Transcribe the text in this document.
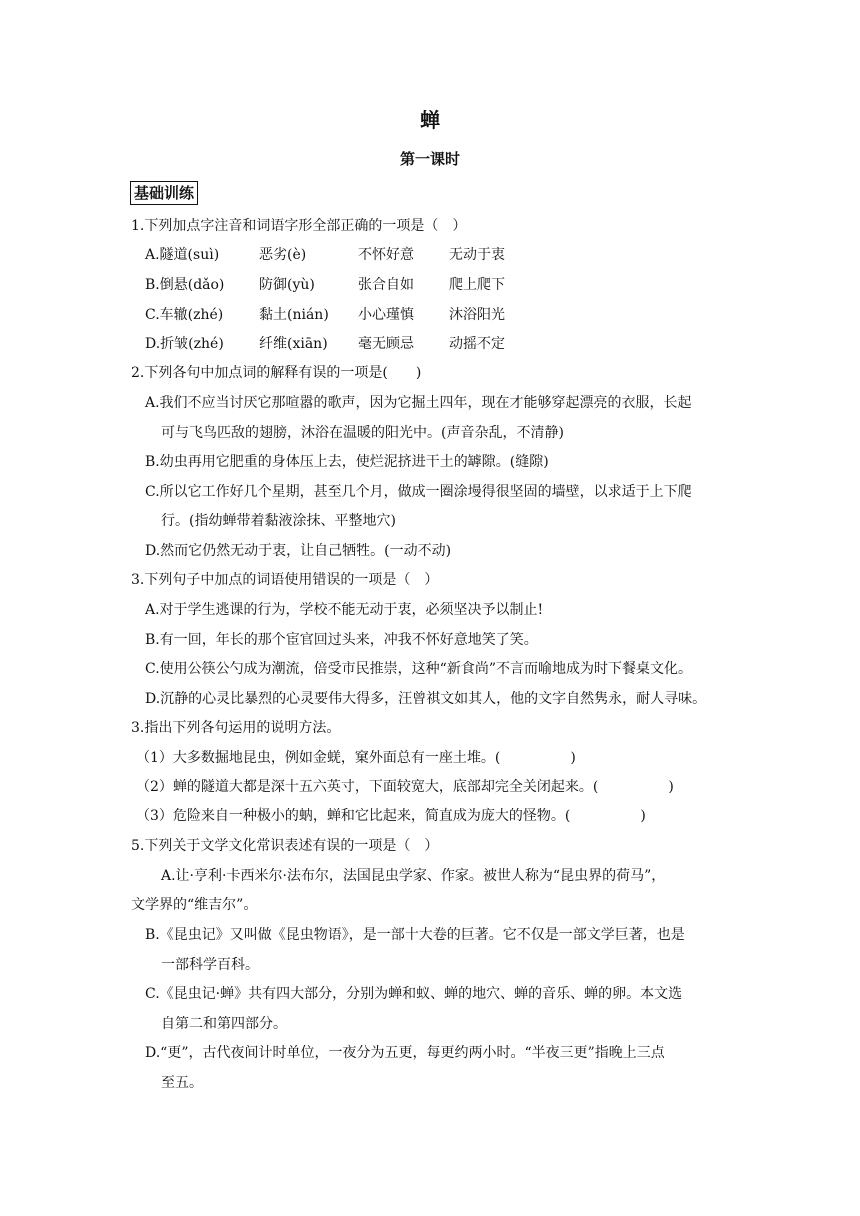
蝉
第一课时
基础训练
1.下列加点字注音和词语字形全部正确的一项是（　）
A.隧道(suì)	恶劣(è)	不怀好意	无动于衷
B.倒悬(dǎo) 防御(yù)	张合自如	爬上爬下
C.车辙(zhé)	黏土(nián) 小心瑾慎	沐浴阳光
D.折皱(zhé)	纤维(xiān) 毫无顾忌	动摇不定
2.下列各句中加点词的解释有误的一项是(　　)
A.我们不应当讨厌它那喧嚣的歌声，因为它掘土四年，现在才能够穿起漂亮的衣服，长起
可与飞鸟匹敌的翅膀，沐浴在温暖的阳光中。(声音杂乱，不清静)
B.幼虫再用它肥重的身体压上去，使烂泥挤进干土的罅隙。(缝隙)
C.所以它工作好几个星期，甚至几个月，做成一圈涂墁得很坚固的墙壁，以求适于上下爬
行。(指幼蝉带着黏液涂抹、平整地穴)
D.然而它仍然无动于衷，让自己牺牲。(一动不动)
3.下列句子中加点的词语使用错误的一项是（　）
A.对于学生逃课的行为，学校不能无动于衷，必须坚决予以制止!
B.有一回，年长的那个宦官回过头来，冲我不怀好意地笑了笑。
C.使用公筷公勺成为潮流，倍受市民推崇，这种“新食尚”不言而喻地成为时下餐桌文化。
D.沉静的心灵比暴烈的心灵要伟大得多，汪曾祺文如其人，他的文字自然隽永，耐人寻味。
3.指出下列各句运用的说明方法。
（1）大多数掘地昆虫，例如金蜣，窠外面总有一座土堆。(　　　　　)
（2）蝉的隧道大都是深十五六英寸，下面较宽大，底部却完全关闭起来。(　　　　　)
（3）危险来自一种极小的蚋，蝉和它比起来，简直成为庞大的怪物。(　　　　　)
5.下列关于文学文化常识表述有误的一项是（　）
A.让·亨利·卡西米尔·法布尔，法国昆虫学家、作家。被世人称为“昆虫界的荷马”，
文学界的“维吉尔”。
B.《昆虫记》又叫做《昆虫物语》，是一部十大卷的巨著。它不仅是一部文学巨著，也是
一部科学百科。
C.《昆虫记·蝉》共有四大部分，分别为蝉和蚁、蝉的地穴、蝉的音乐、蝉的卵。本文选
自第二和第四部分。
D.“更”，古代夜间计时单位，一夜分为五更，每更约两小时。“半夜三更”指晚上三点
至五。
